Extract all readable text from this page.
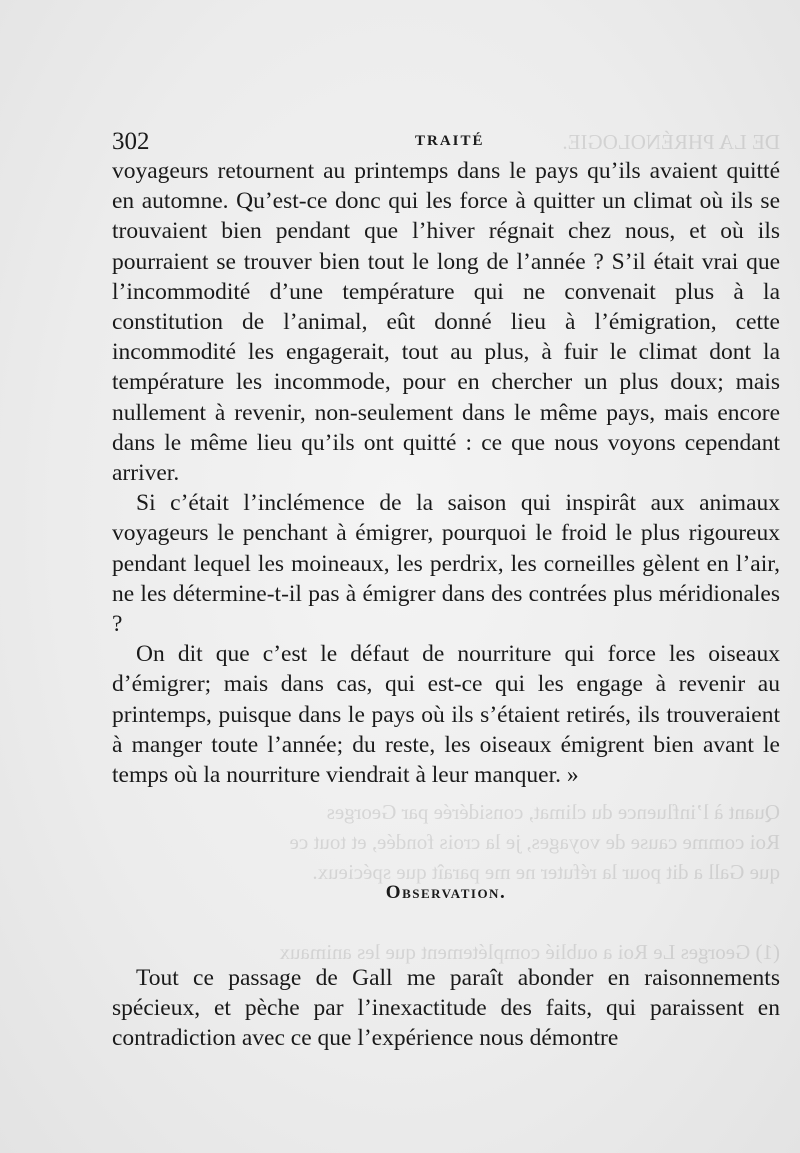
DE LA PHRÉNOLOGIE.
Quant à l’influence du climat, considérée par Georges
Roi comme cause de voyages, je la crois fondée, et tout ce
que Gall a dit pour la réfuter ne me paraît que spécieux.
(1) Georges Le Roi a oublié complétement que les animaux
302	TRAITÉ

voyageurs retournent au printemps dans le pays qu’ils avaient quitté en automne. Qu’est-ce donc qui les force à quitter un climat où ils se trouvaient bien pendant que l’hiver régnait chez nous, et où ils pourraient se trouver bien tout le long de l’année ? S’il était vrai que l’incommodité d’une température qui ne convenait plus à la constitution de l’animal, eût donné lieu à l’émigration, cette incommodité les engagerait, tout au plus, à fuir le climat dont la température les incommode, pour en chercher un plus doux; mais nullement à revenir, non-seulement dans le même pays, mais encore dans le même lieu qu’ils ont quitté : ce que nous voyons cependant arriver.

Si c’était l’inclémence de la saison qui inspirât aux animaux voyageurs le penchant à émigrer, pourquoi le froid le plus rigoureux pendant lequel les moineaux, les perdrix, les corneilles gèlent en l’air, ne les détermine-t-il pas à émigrer dans des contrées plus méridionales ?

On dit que c’est le défaut de nourriture qui force les oiseaux d’émigrer; mais dans cas, qui est-ce qui les engage à revenir au printemps, puisque dans le pays où ils s’étaient retirés, ils trouveraient à manger toute l’année; du reste, les oiseaux émigrent bien avant le temps où la nourriture viendrait à leur manquer. »

Observation.

Tout ce passage de Gall me paraît abonder en raisonnements spécieux, et pèche par l’inexactitude des faits, qui paraissent en contradiction avec ce que l’expérience nous démontre
